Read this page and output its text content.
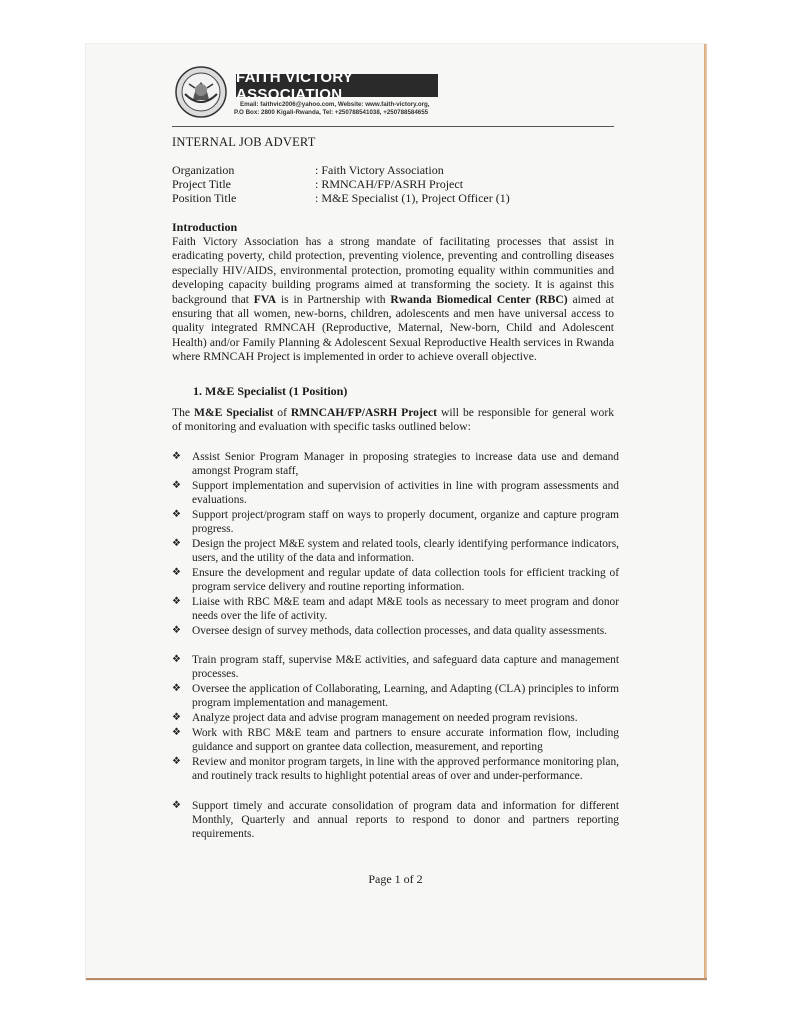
FAITH VICTORY ASSOCIATION
Email: faithvic2006@yahoo.com, Website: www.faith-victory.org,
P.O Box: 2800 Kigali-Rwanda, Tel: +250788541038, +250788584655
INTERNAL JOB ADVERT
Organization	: Faith Victory Association
Project Title	: RMNCAH/FP/ASRH Project
Position Title	: M&E Specialist (1), Project Officer (1)
Introduction
Faith Victory Association has a strong mandate of facilitating processes that assist in eradicating poverty, child protection, preventing violence, preventing and controlling diseases especially HIV/AIDS, environmental protection, promoting equality within communities and developing capacity building programs aimed at transforming the society. It is against this background that FVA is in Partnership with Rwanda Biomedical Center (RBC) aimed at ensuring that all women, new-borns, children, adolescents and men have universal access to quality integrated RMNCAH (Reproductive, Maternal, New-born, Child and Adolescent Health) and/or Family Planning & Adolescent Sexual Reproductive Health services in Rwanda where RMNCAH Project is implemented in order to achieve overall objective.
1. M&E Specialist (1 Position)
The M&E Specialist of RMNCAH/FP/ASRH Project will be responsible for general work of monitoring and evaluation with specific tasks outlined below:
❖ Assist Senior Program Manager in proposing strategies to increase data use and demand amongst Program staff,
❖ Support implementation and supervision of activities in line with program assessments and evaluations.
❖ Support project/program staff on ways to properly document, organize and capture program progress.
❖ Design the project M&E system and related tools, clearly identifying performance indicators, users, and the utility of the data and information.
❖ Ensure the development and regular update of data collection tools for efficient tracking of program service delivery and routine reporting information.
❖ Liaise with RBC M&E team and adapt M&E tools as necessary to meet program and donor needs over the life of activity.
❖ Oversee design of survey methods, data collection processes, and data quality assessments.
❖ Train program staff, supervise M&E activities, and safeguard data capture and management processes.
❖ Oversee the application of Collaborating, Learning, and Adapting (CLA) principles to inform program implementation and management.
❖ Analyze project data and advise program management on needed program revisions.
❖ Work with RBC M&E team and partners to ensure accurate information flow, including guidance and support on grantee data collection, measurement, and reporting
❖ Review and monitor program targets, in line with the approved performance monitoring plan, and routinely track results to highlight potential areas of over and under-performance.
❖ Support timely and accurate consolidation of program data and information for different Monthly, Quarterly and annual reports to respond to donor and partners reporting requirements.
Page 1 of 2
